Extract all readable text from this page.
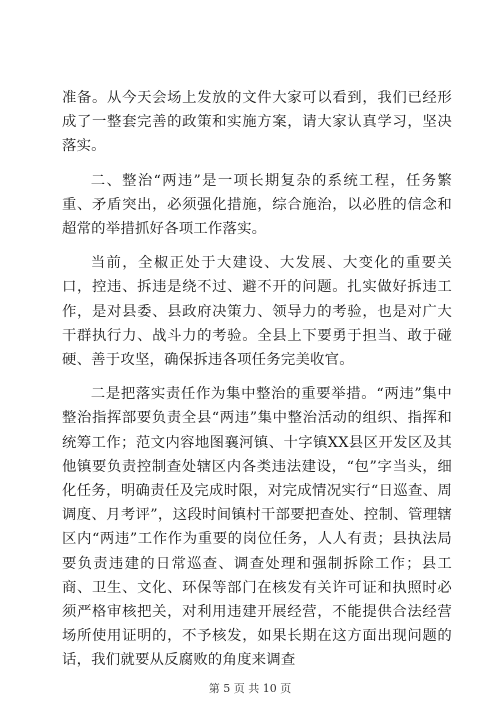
准备。从今天会场上发放的文件大家可以看到，我们已经形成了一整套完善的政策和实施方案，请大家认真学习，坚决落实。

二、整治“两违”是一项长期复杂的系统工程，任务繁重、矛盾突出，必须强化措施，综合施治，以必胜的信念和超常的举措抓好各项工作落实。

当前，全椒正处于大建设、大发展、大变化的重要关口，控违、拆违是绕不过、避不开的问题。扎实做好拆违工作，是对县委、县政府决策力、领导力的考验，也是对广大干群执行力、战斗力的考验。全县上下要勇于担当、敢于碰硬、善于攻坚，确保拆违各项任务完美收官。

二是把落实责任作为集中整治的重要举措。“两违”集中整治指挥部要负责全县“两违”集中整治活动的组织、指挥和统筹工作；范文内容地图襄河镇、十字镇XX县区开发区及其他镇要负责控制查处辖区内各类违法建设，“包”字当头，细化任务，明确责任及完成时限，对完成情况实行“日巡查、周调度、月考评”，这段时间镇村干部要把查处、控制、管理辖区内“两违”工作作为重要的岗位任务，人人有责；县执法局要负责违建的日常巡查、调查处理和强制拆除工作；县工商、卫生、文化、环保等部门在核发有关许可证和执照时必须严格审核把关，对利用违建开展经营，不能提供合法经营场所使用证明的，不予核发，如果长期在这方面出现问题的话，我们就要从反腐败的角度来调查

第 5 页 共 10 页
